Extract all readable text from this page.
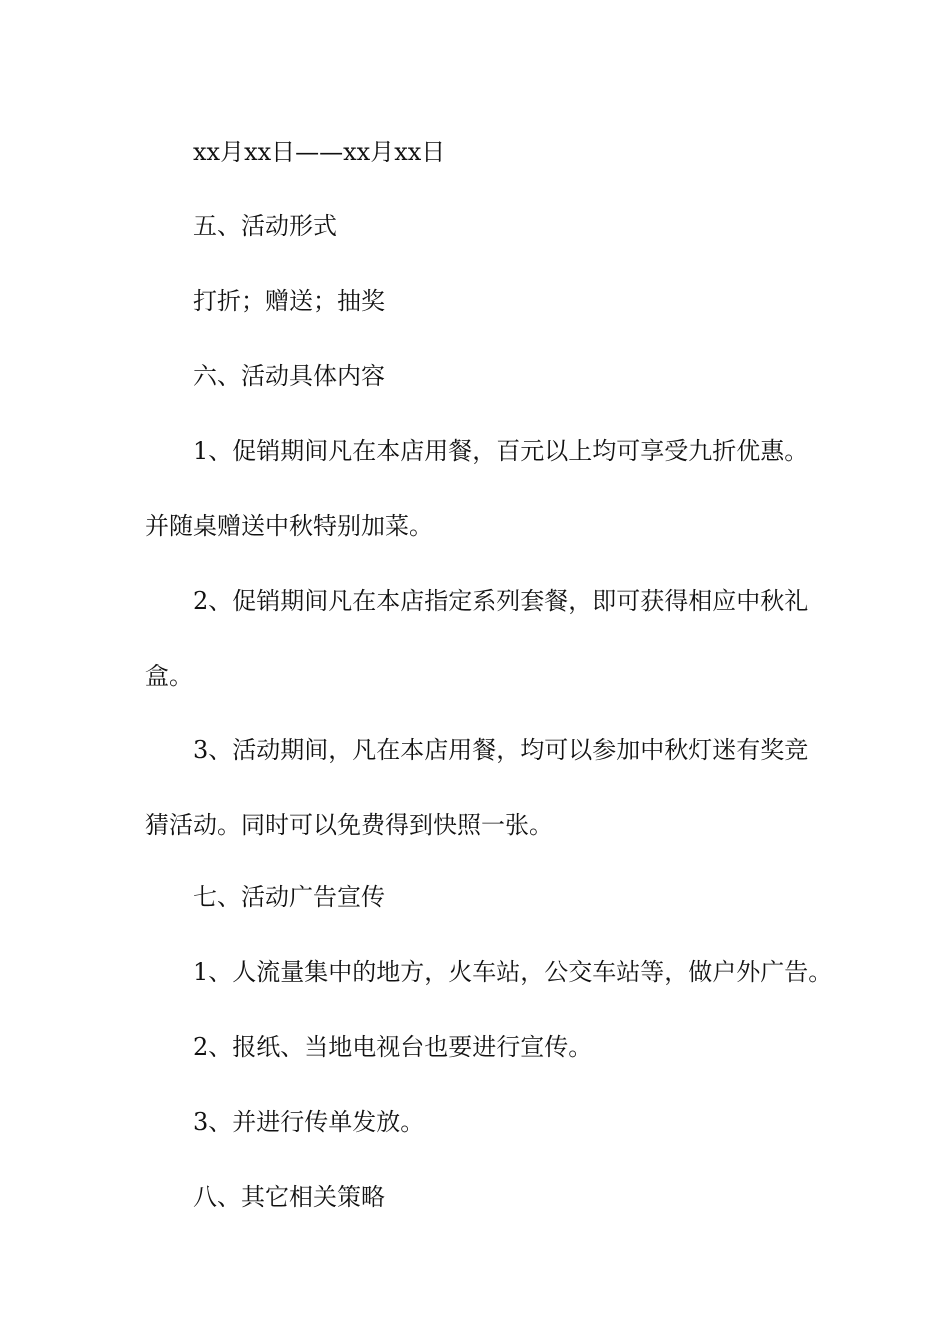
xx月xx日——xx月xx日
五、活动形式
打折；赠送；抽奖
六、活动具体内容
1、促销期间凡在本店用餐，百元以上均可享受九折优惠。
并随桌赠送中秋特别加菜。
2、促销期间凡在本店指定系列套餐，即可获得相应中秋礼
盒。
3、活动期间，凡在本店用餐，均可以参加中秋灯迷有奖竞
猜活动。同时可以免费得到快照一张。
七、活动广告宣传
1、人流量集中的地方，火车站，公交车站等，做户外广告。
2、报纸、当地电视台也要进行宣传。
3、并进行传单发放。
八、其它相关策略
